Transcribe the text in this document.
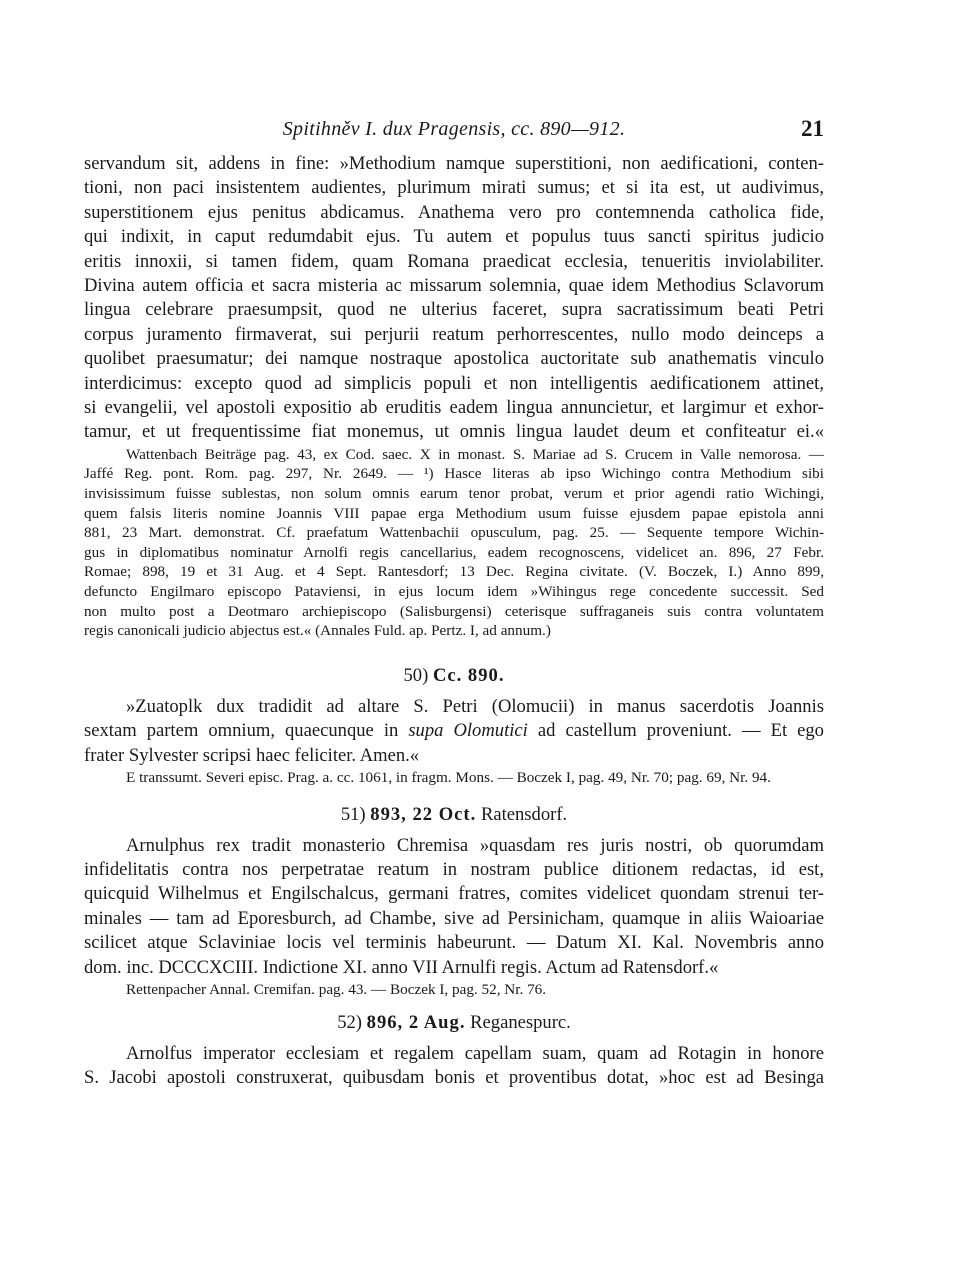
Spitihněv I. dux Pragensis, cc. 890—912.	21
servandum sit, addens in fine: »Methodium namque superstitioni, non aedificationi, conten-
tioni, non paci insistentem audientes, plurimum mirati sumus; et si ita est, ut audivimus,
superstitionem ejus penitus abdicamus. Anathema vero pro contemnenda catholica fide,
qui indixit, in caput redumdabit ejus. Tu autem et populus tuus sancti spiritus judicio
eritis innoxii, si tamen fidem, quam Romana praedicat ecclesia, tenueritis inviolabiliter.
Divina autem officia et sacra misteria ac missarum solemnia, quae idem Methodius Sclavorum
lingua celebrare praesumpsit, quod ne ulterius faceret, supra sacratissimum beati Petri
corpus juramento firmaverat, sui perjurii reatum perhorrescentes, nullo modo deinceps a
quolibet praesumatur; dei namque nostraque apostolica auctoritate sub anathematis vinculo
interdicimus: excepto quod ad simplicis populi et non intelligentis aedificationem attinet,
si evangelii, vel apostoli expositio ab eruditis eadem lingua annuncietur, et largimur et exhor-
tamur, et ut frequentissime fiat monemus, ut omnis lingua laudet deum et confiteatur ei.«
Wattenbach Beiträge pag. 43, ex Cod. saec. X in monast. S. Mariae ad S. Crucem in Valle nemorosa. —
Jaffé Reg. pont. Rom. pag. 297, Nr. 2649. — ¹) Hasce literas ab ipso Wichingo contra Methodium sibi
invisissimum fuisse sublestas, non solum omnis earum tenor probat, verum et prior agendi ratio Wichingi,
quem falsis literis nomine Joannis VIII papae erga Methodium usum fuisse ejusdem papae epistola anni
881, 23 Mart. demonstrat. Cf. praefatum Wattenbachii opusculum, pag. 25. — Sequente tempore Wichin-
gus in diplomatibus nominatur Arnolfi regis cancellarius, eadem recognoscens, videlicet an. 896, 27 Febr.
Romae; 898, 19 et 31 Aug. et 4 Sept. Rantesdorf; 13 Dec. Regina civitate. (V. Boczek, I.) Anno 899,
defuncto Engilmaro episcopo Pataviensi, in ejus locum idem »Wihingus rege concedente successit. Sed
non multo post a Deotmaro archiepiscopo (Salisburgensi) ceterisque suffraganeis suis contra voluntatem
regis canonicali judicio abjectus est.« (Annales Fuld. ap. Pertz. I, ad annum.)
50) Cc. 890.
»Zuatoplk dux tradidit ad altare S. Petri (Olomucii) in manus sacerdotis Joannis
sextam partem omnium, quaecunque in supa Olomutici ad castellum proveniunt. — Et ego
frater Sylvester scripsi haec feliciter. Amen.«
E transsumt. Severi episc. Prag. a. cc. 1061, in fragm. Mons. — Boczek I, pag. 49, Nr. 70; pag. 69, Nr. 94.
51) 893, 22 Oct. Ratensdorf.
Arnulphus rex tradit monasterio Chremisa »quasdam res juris nostri, ob quorumdam
infidelitatis contra nos perpetratae reatum in nostram publice ditionem redactas, id est,
quicquid Wilhelmus et Engilschalcus, germani fratres, comites videlicet quondam strenui ter-
minales — tam ad Eporesburch, ad Chambe, sive ad Persinicham, quamque in aliis Waioariae
scilicet atque Sclaviniae locis vel terminis habeurunt. — Datum XI. Kal. Novembris anno
dom. inc. DCCCXCIII. Indictione XI. anno VII Arnulfi regis. Actum ad Ratensdorf.«
Rettenpacher Annal. Cremifan. pag. 43. — Boczek I, pag. 52, Nr. 76.
52) 896, 2 Aug. Reganespurc.
Arnolfus imperator ecclesiam et regalem capellam suam, quam ad Rotagin in honore
S. Jacobi apostoli construxerat, quibusdam bonis et proventibus dotat, »hoc est ad Besinga
